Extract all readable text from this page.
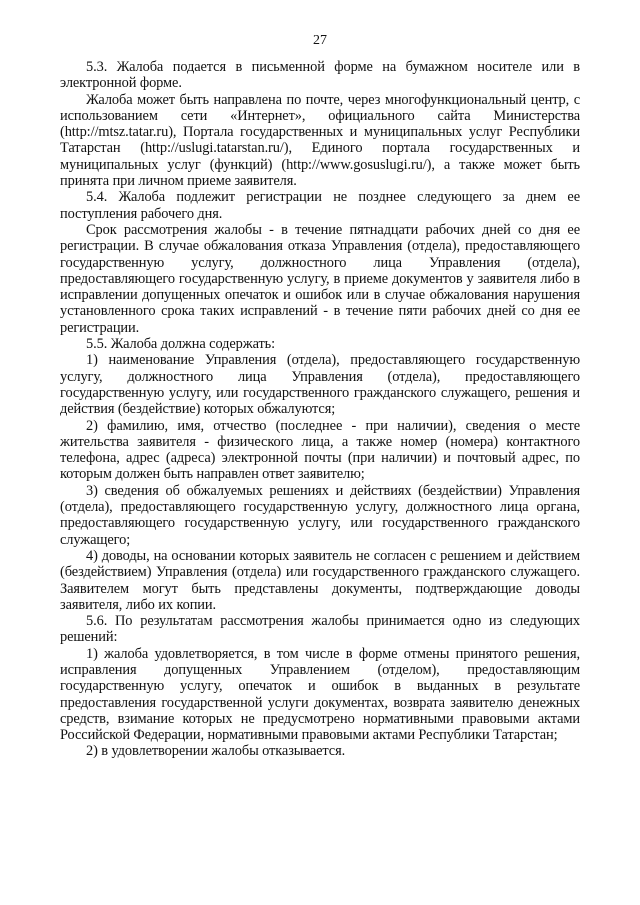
27

5.3. Жалоба подается в письменной форме на бумажном носителе или в электронной форме.

Жалоба может быть направлена по почте, через многофункциональный центр, с использованием сети «Интернет», официального сайта Министерства (http://mtsz.tatar.ru), Портала государственных и муниципальных услуг Республики Татарстан (http://uslugi.tatarstan.ru/), Единого портала государственных и муниципальных услуг (функций) (http://www.gosuslugi.ru/), а также может быть принята при личном приеме заявителя.

5.4. Жалоба подлежит регистрации не позднее следующего за днем ее поступления рабочего дня.

Срок рассмотрения жалобы - в течение пятнадцати рабочих дней со дня ее регистрации. В случае обжалования отказа Управления (отдела), предоставляющего государственную услугу, должностного лица Управления (отдела), предоставляющего государственную услугу, в приеме документов у заявителя либо в исправлении допущенных опечаток и ошибок или в случае обжалования нарушения установленного срока таких исправлений - в течение пяти рабочих дней со дня ее регистрации.

5.5. Жалоба должна содержать:

1) наименование Управления (отдела), предоставляющего государственную услугу, должностного лица Управления (отдела), предоставляющего государственную услугу, или государственного гражданского служащего, решения и действия (бездействие) которых обжалуются;

2) фамилию, имя, отчество (последнее - при наличии), сведения о месте жительства заявителя - физического лица, а также номер (номера) контактного телефона, адрес (адреса) электронной почты (при наличии) и почтовый адрес, по которым должен быть направлен ответ заявителю;

3) сведения об обжалуемых решениях и действиях (бездействии) Управления (отдела), предоставляющего государственную услугу, должностного лица органа, предоставляющего государственную услугу, или государственного гражданского служащего;

4) доводы, на основании которых заявитель не согласен с решением и действием (бездействием) Управления (отдела) или государственного гражданского служащего. Заявителем могут быть представлены документы, подтверждающие доводы заявителя, либо их копии.

5.6. По результатам рассмотрения жалобы принимается одно из следующих решений:

1) жалоба удовлетворяется, в том числе в форме отмены принятого решения, исправления допущенных Управлением (отделом), предоставляющим государственную услугу, опечаток и ошибок в выданных в результате предоставления государственной услуги документах, возврата заявителю денежных средств, взимание которых не предусмотрено нормативными правовыми актами Российской Федерации, нормативными правовыми актами Республики Татарстан;

2) в удовлетворении жалобы отказывается.
